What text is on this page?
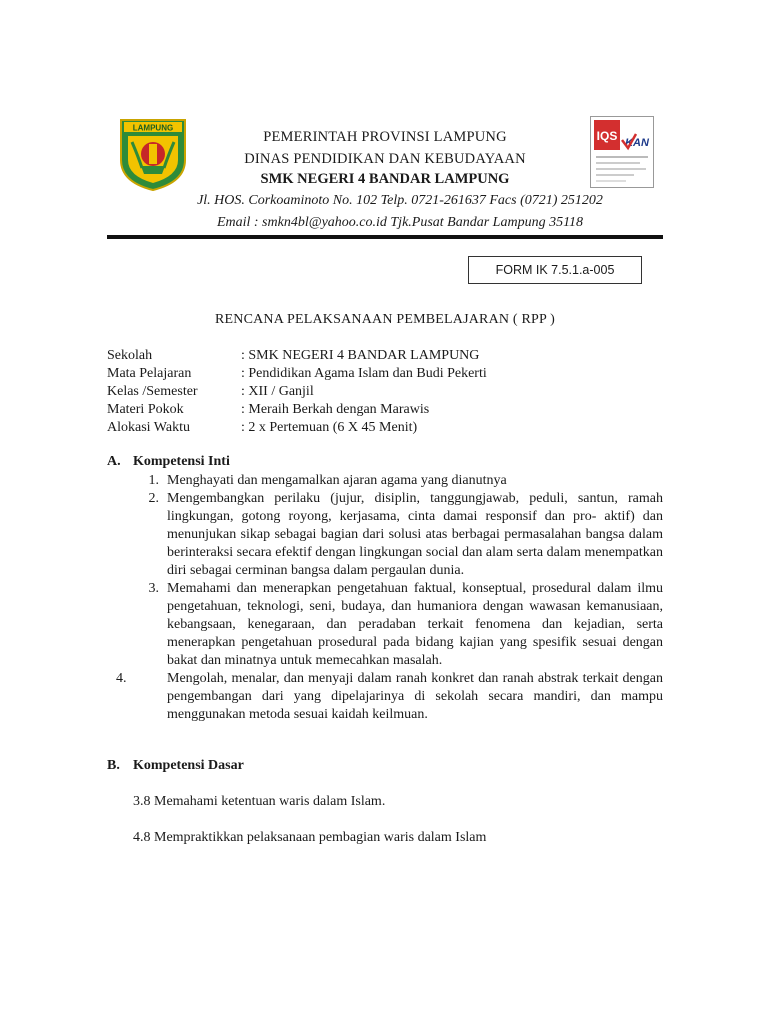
LAMPUNG
PEMERINTAH PROVINSI LAMPUNG
DINAS PENDIDIKAN DAN KEBUDAYAAN
SMK NEGERI 4 BANDAR LAMPUNG
Jl. HOS. Corkoaminoto No. 102 Telp. 0721-261637 Facs (0721) 251202
Email : smkn4bl@yahoo.co.id Tjk.Pusat Bandar Lampung 35118
IQS KAN
FORM IK 7.5.1.a-005
RENCANA PELAKSANAAN PEMBELAJARAN ( RPP )
Sekolah	: SMK NEGERI 4 BANDAR LAMPUNG
Mata Pelajaran	: Pendidikan Agama Islam dan Budi Pekerti
Kelas /Semester	: XII / Ganjil
Materi Pokok	: Meraih Berkah dengan Marawis
Alokasi Waktu	: 2 x Pertemuan (6 X 45 Menit)
A. Kompetensi Inti
1. Menghayati dan mengamalkan ajaran agama yang dianutnya
2. Mengembangkan perilaku (jujur, disiplin, tanggungjawab, peduli, santun, ramah lingkungan, gotong royong, kerjasama, cinta damai responsif dan pro- aktif) dan menunjukan sikap sebagai bagian dari solusi atas berbagai permasalahan bangsa dalam berinteraksi secara efektif dengan lingkungan social dan alam serta dalam menempatkan diri sebagai cerminan bangsa dalam pergaulan dunia.
3. Memahami dan menerapkan pengetahuan faktual, konseptual, prosedural dalam ilmu pengetahuan, teknologi, seni, budaya, dan humaniora dengan wawasan kemanusiaan, kebangsaan, kenegaraan, dan peradaban terkait fenomena dan kejadian, serta menerapkan pengetahuan prosedural pada bidang kajian yang spesifik sesuai dengan bakat dan minatnya untuk memecahkan masalah.
4.	Mengolah, menalar, dan menyaji dalam ranah konkret dan ranah abstrak terkait dengan pengembangan dari yang dipelajarinya di sekolah secara mandiri, dan mampu menggunakan metoda sesuai kaidah keilmuan.
B. Kompetensi Dasar
3.8 Memahami ketentuan waris dalam Islam.
4.8 Mempraktikkan pelaksanaan pembagian waris dalam Islam
